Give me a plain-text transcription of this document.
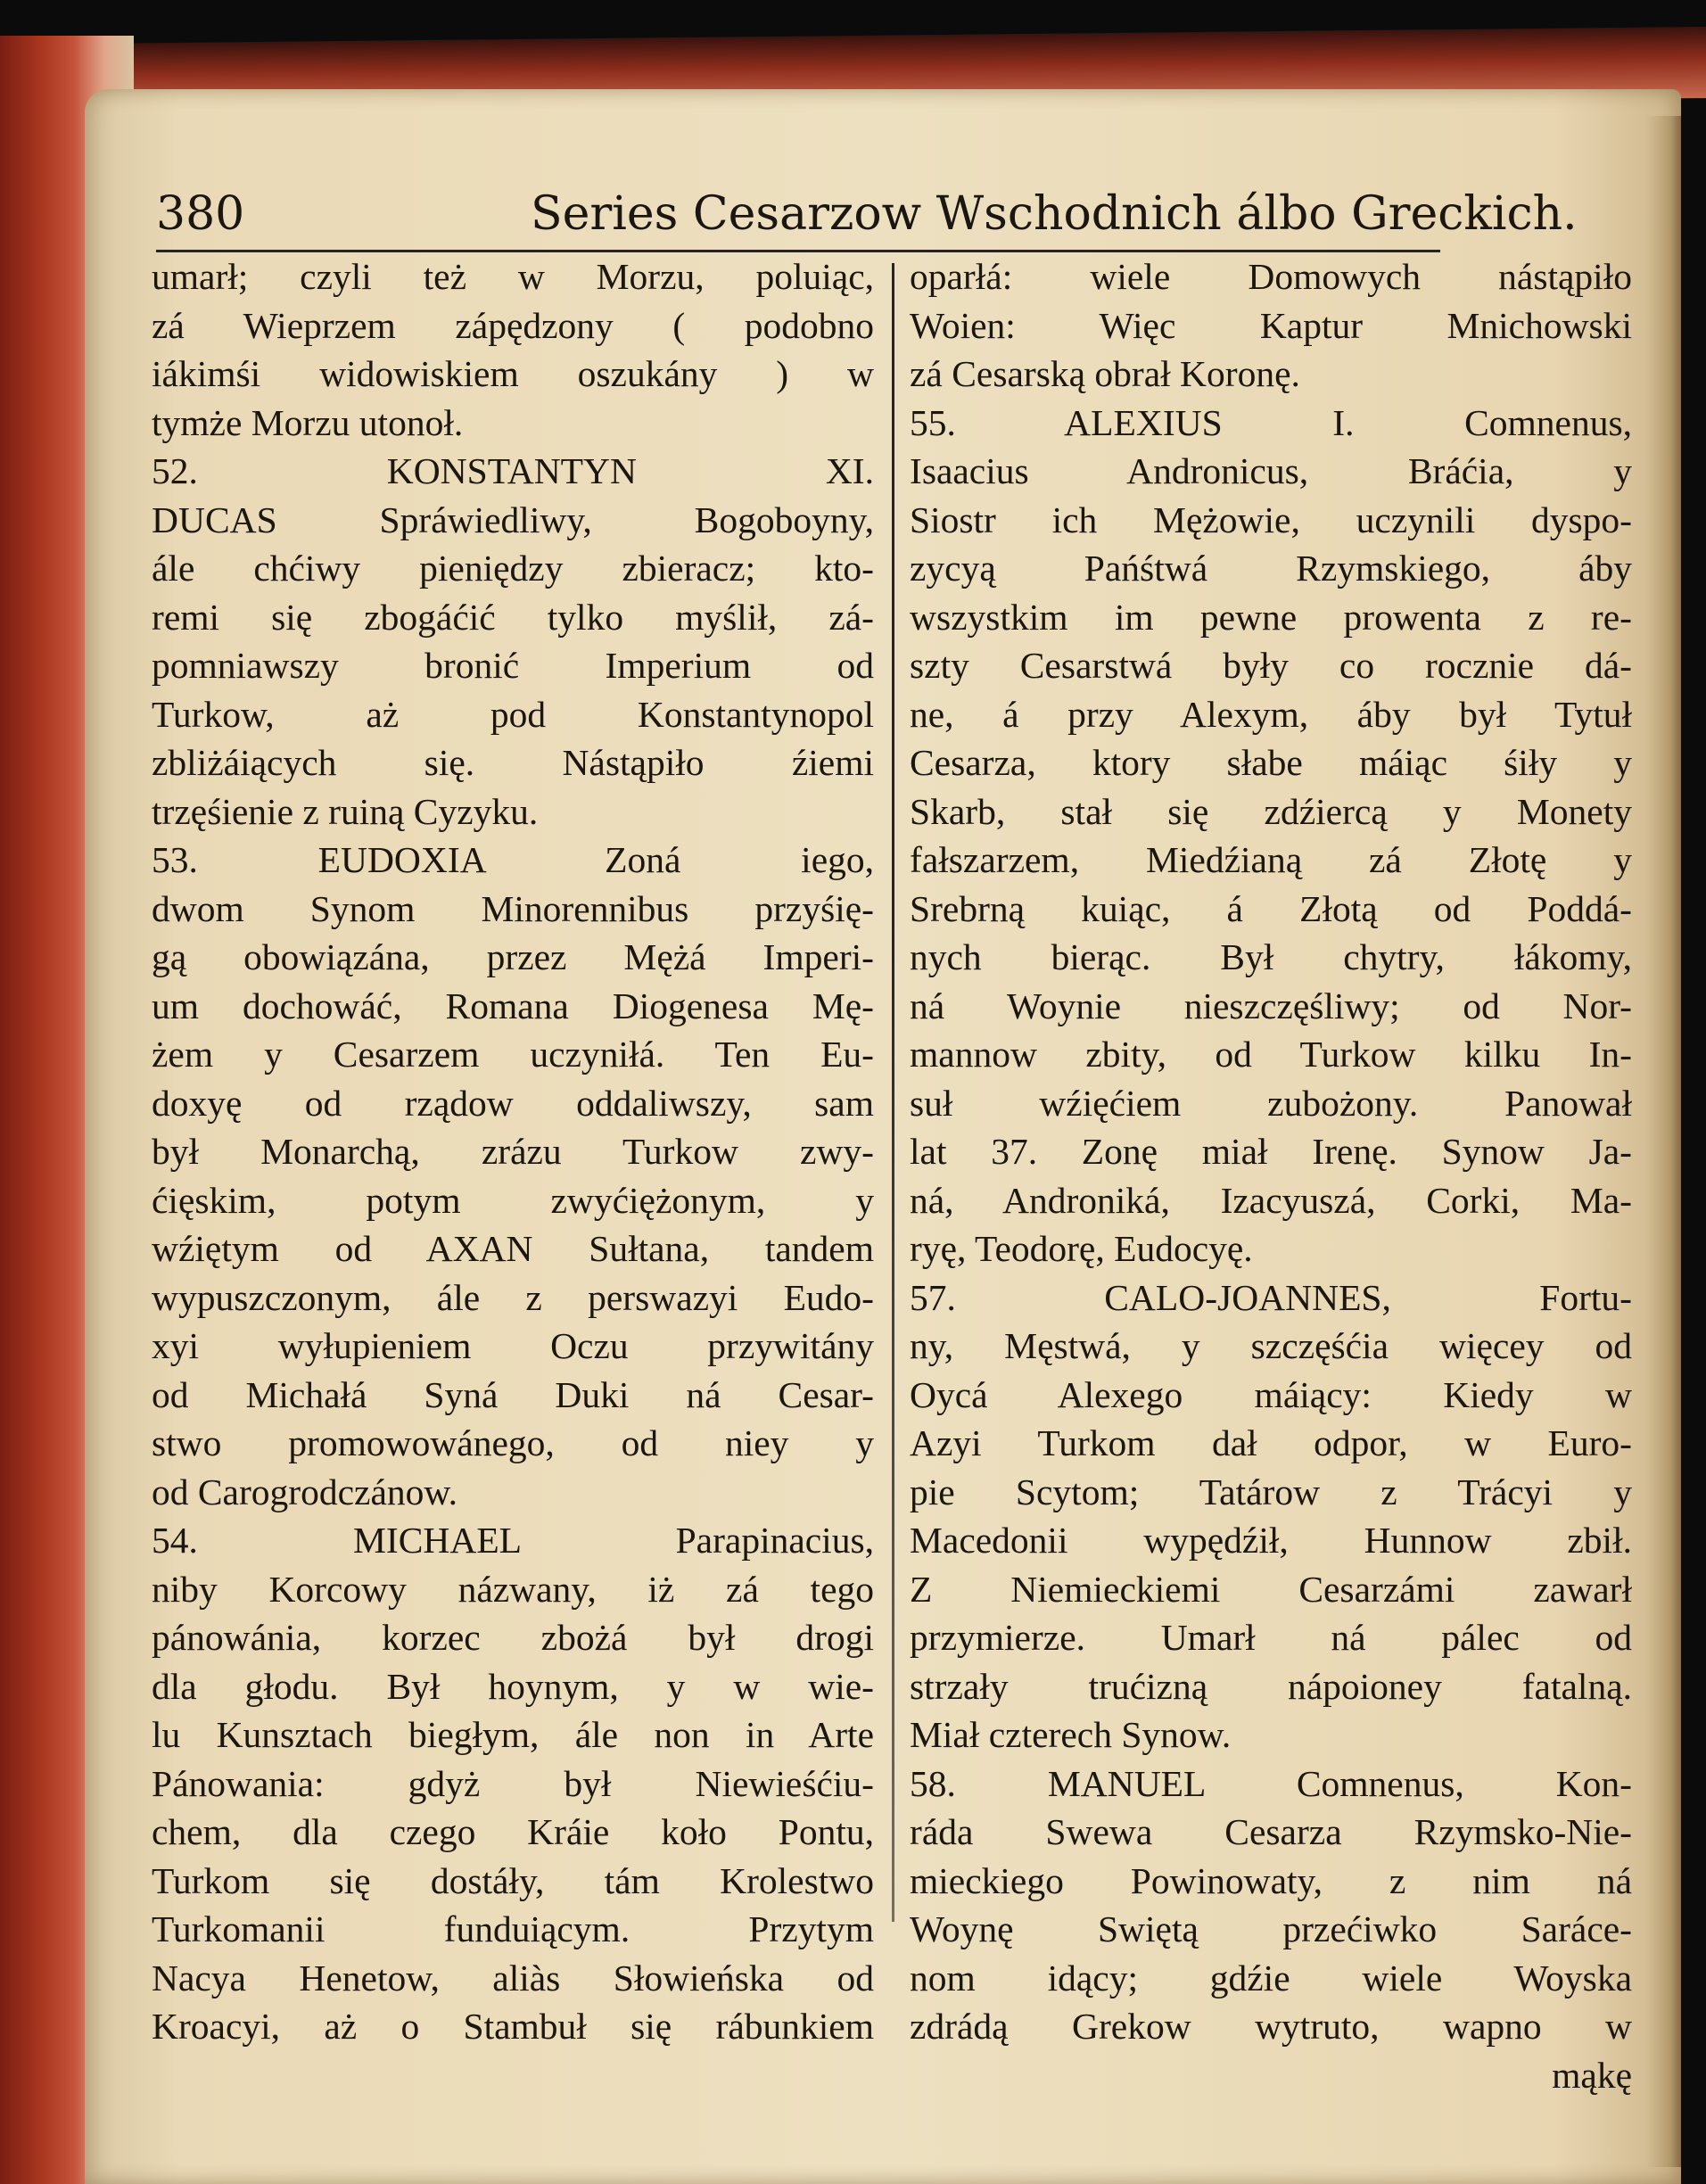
380	Series Cesarzow Wschodnich álbo Greckich.
umarł; czyli też w Morzu, poluiąc,
zá Wieprzem zápędzony ( podobno
iákimśi widowiskiem oszukány ) w
tymże Morzu utonoł.
52. KONSTANTYN XI.
DUCAS Spráwiedliwy, Bogoboyny,
ále chćiwy pieniędzy zbieracz; kto-
remi się zbogáćić tylko myślił, zá-
pomniawszy bronić Imperium od
Turkow, aż pod Konstantynopol
zbliżáiących się. Nástąpiło źiemi
trzęśienie z ruiną Cyzyku.
53. EUDOXIA Zoná iego,
dwom Synom Minorennibus przyśię-
gą obowiązána, przez Mężá Imperi-
um dochowáć, Romana Diogenesa Mę-
żem y Cesarzem uczyniłá. Ten Eu-
doxyę od rządow oddaliwszy, sam
był Monarchą, zrázu Turkow zwy-
ćięskim, potym zwyćiężonym, y
wźiętym od AXAN Sułtana, tandem
wypuszczonym, ále z perswazyi Eudo-
xyi wyłupieniem Oczu przywitány
od Michałá Syná Duki ná Cesar-
stwo promowowánego, od niey y
od Carogrodczánow.
54. MICHAEL Parapinacius,
niby Korcowy názwany, iż zá tego
pánowánia, korzec zbożá był drogi
dla głodu. Był hoynym, y w wie-
lu Kunsztach biegłym, ále non in Arte
Pánowania: gdyż był Niewieśćiu-
chem, dla czego Kráie koło Pontu,
Turkom się dostáły, tám Krolestwo
Turkomanii funduiącym. Przytym
Nacya Henetow, aliàs Słowieńska od
Kroacyi, aż o Stambuł się rábunkiem
oparłá: wiele Domowych nástąpiło
Woien: Więc Kaptur Mnichowski
zá Cesarską obrał Koronę.
55. ALEXIUS I. Comnenus,
Isaacius Andronicus, Bráćia, y
Siostr ich Mężowie, uczynili dyspo-
zycyą Pańśtwá Rzymskiego, áby
wszystkim im pewne prowenta z re-
szty Cesarstwá były co rocznie dá-
ne, á przy Alexym, áby był Tytuł
Cesarza, ktory słabe máiąc śiły y
Skarb, stał się zdźiercą y Monety
fałszarzem, Miedźianą zá Złotę y
Srebrną kuiąc, á Złotą od Poddá-
nych bierąc. Był chytry, łákomy,
ná Woynie nieszczęśliwy; od Nor-
mannow zbity, od Turkow kilku In-
suł wźięćiem zubożony. Panował
lat 37. Zonę miał Irenę. Synow Ja-
ná, Androniká, Izacyuszá, Corki, Ma-
ryę, Teodorę, Eudocyę.
57. CALO-JOANNES, Fortu-
ny, Męstwá, y szczęśćia więcey od
Oycá Alexego máiący: Kiedy w
Azyi Turkom dał odpor, w Euro-
pie Scytom; Tatárow z Trácyi y
Macedonii wypędźił, Hunnow zbił.
Z Niemieckiemi Cesarzámi zawarł
przymierze. Umarł ná pálec od
strzały trućizną nápoioney fatalną.
Miał czterech Synow.
58. MANUEL Comnenus, Kon-
ráda Swewa Cesarza Rzymsko-Nie-
mieckiego Powinowaty, z nim ná
Woynę Swiętą przećiwko Sarácе-
nom idący; gdźie wiele Woyska
zdrádą Grekow wytruto, wapno w
mąkę
